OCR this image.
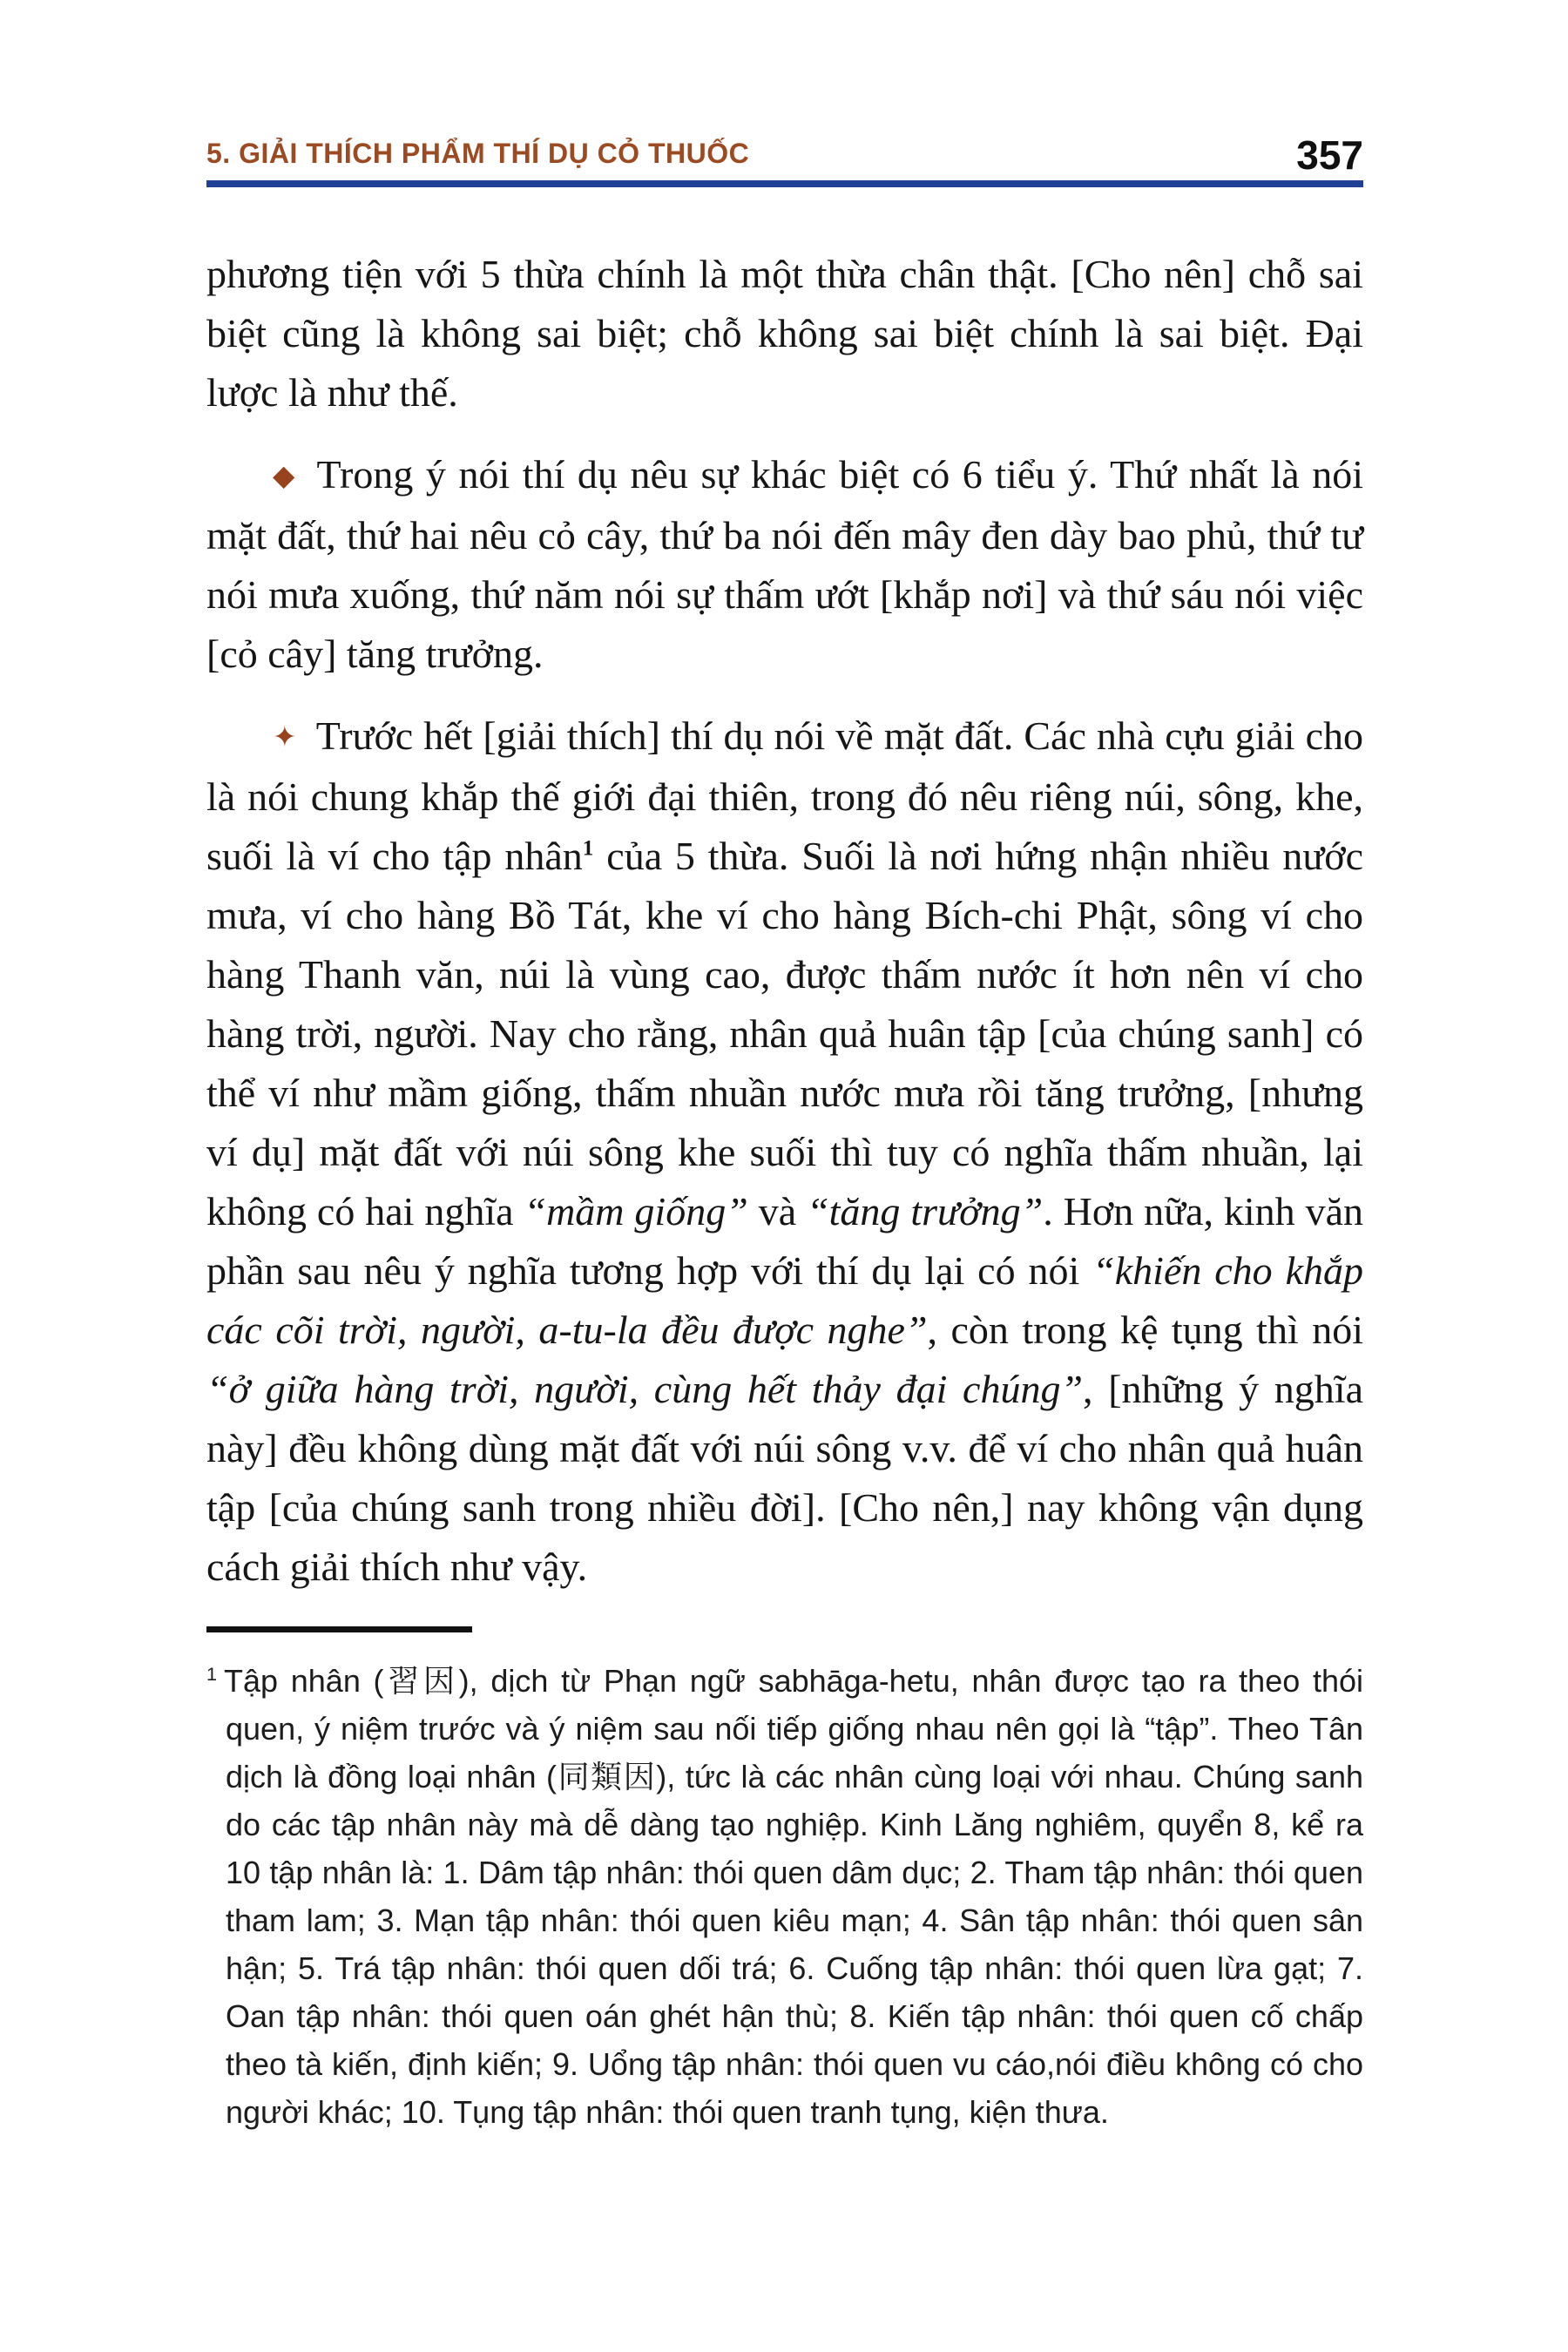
5. GIẢI THÍCH PHẨM THÍ DỤ CỎ THUỐC	357

phương tiện với 5 thừa chính là một thừa chân thật. [Cho nên] chỗ sai biệt cũng là không sai biệt; chỗ không sai biệt chính là sai biệt. Đại lược là như thế.

◆ Trong ý nói thí dụ nêu sự khác biệt có 6 tiểu ý. Thứ nhất là nói mặt đất, thứ hai nêu cỏ cây, thứ ba nói đến mây đen dày bao phủ, thứ tư nói mưa xuống, thứ năm nói sự thấm ướt [khắp nơi] và thứ sáu nói việc [cỏ cây] tăng trưởng.

✦ Trước hết [giải thích] thí dụ nói về mặt đất. Các nhà cựu giải cho là nói chung khắp thế giới đại thiên, trong đó nêu riêng núi, sông, khe, suối là ví cho tập nhân$^1$ của 5 thừa. Suối là nơi hứng nhận nhiều nước mưa, ví cho hàng Bồ Tát, khe ví cho hàng Bích-chi Phật, sông ví cho hàng Thanh văn, núi là vùng cao, được thấm nước ít hơn nên ví cho hàng trời, người. Nay cho rằng, nhân quả huân tập [của chúng sanh] có thể ví như mầm giống, thấm nhuần nước mưa rồi tăng trưởng, [nhưng ví dụ] mặt đất với núi sông khe suối thì tuy có nghĩa thấm nhuần, lại không có hai nghĩa “mầm giống” và “tăng trưởng”. Hơn nữa, kinh văn phần sau nêu ý nghĩa tương hợp với thí dụ lại có nói “khiến cho khắp các cõi trời, người, a-tu-la đều được nghe”, còn trong kệ tụng thì nói “ở giữa hàng trời, người, cùng hết thảy đại chúng”, [những ý nghĩa này] đều không dùng mặt đất với núi sông v.v. để ví cho nhân quả huân tập [của chúng sanh trong nhiều đời]. [Cho nên,] nay không vận dụng cách giải thích như vậy.

$^1$ Tập nhân (習因), dịch từ Phạn ngữ sabhāga-hetu, nhân được tạo ra theo thói quen, ý niệm trước và ý niệm sau nối tiếp giống nhau nên gọi là “tập”. Theo Tân dịch là đồng loại nhân (同類因), tức là các nhân cùng loại với nhau. Chúng sanh do các tập nhân này mà dễ dàng tạo nghiệp. Kinh Lăng nghiêm, quyển 8, kể ra 10 tập nhân là: 1. Dâm tập nhân: thói quen dâm dục; 2. Tham tập nhân: thói quen tham lam; 3. Mạn tập nhân: thói quen kiêu mạn; 4. Sân tập nhân: thói quen sân hận; 5. Trá tập nhân: thói quen dối trá; 6. Cuống tập nhân: thói quen lừa gạt; 7. Oan tập nhân: thói quen oán ghét hận thù; 8. Kiến tập nhân: thói quen cố chấp theo tà kiến, định kiến; 9. Uổng tập nhân: thói quen vu cáo,nói điều không có cho người khác; 10. Tụng tập nhân: thói quen tranh tụng, kiện thưa.
